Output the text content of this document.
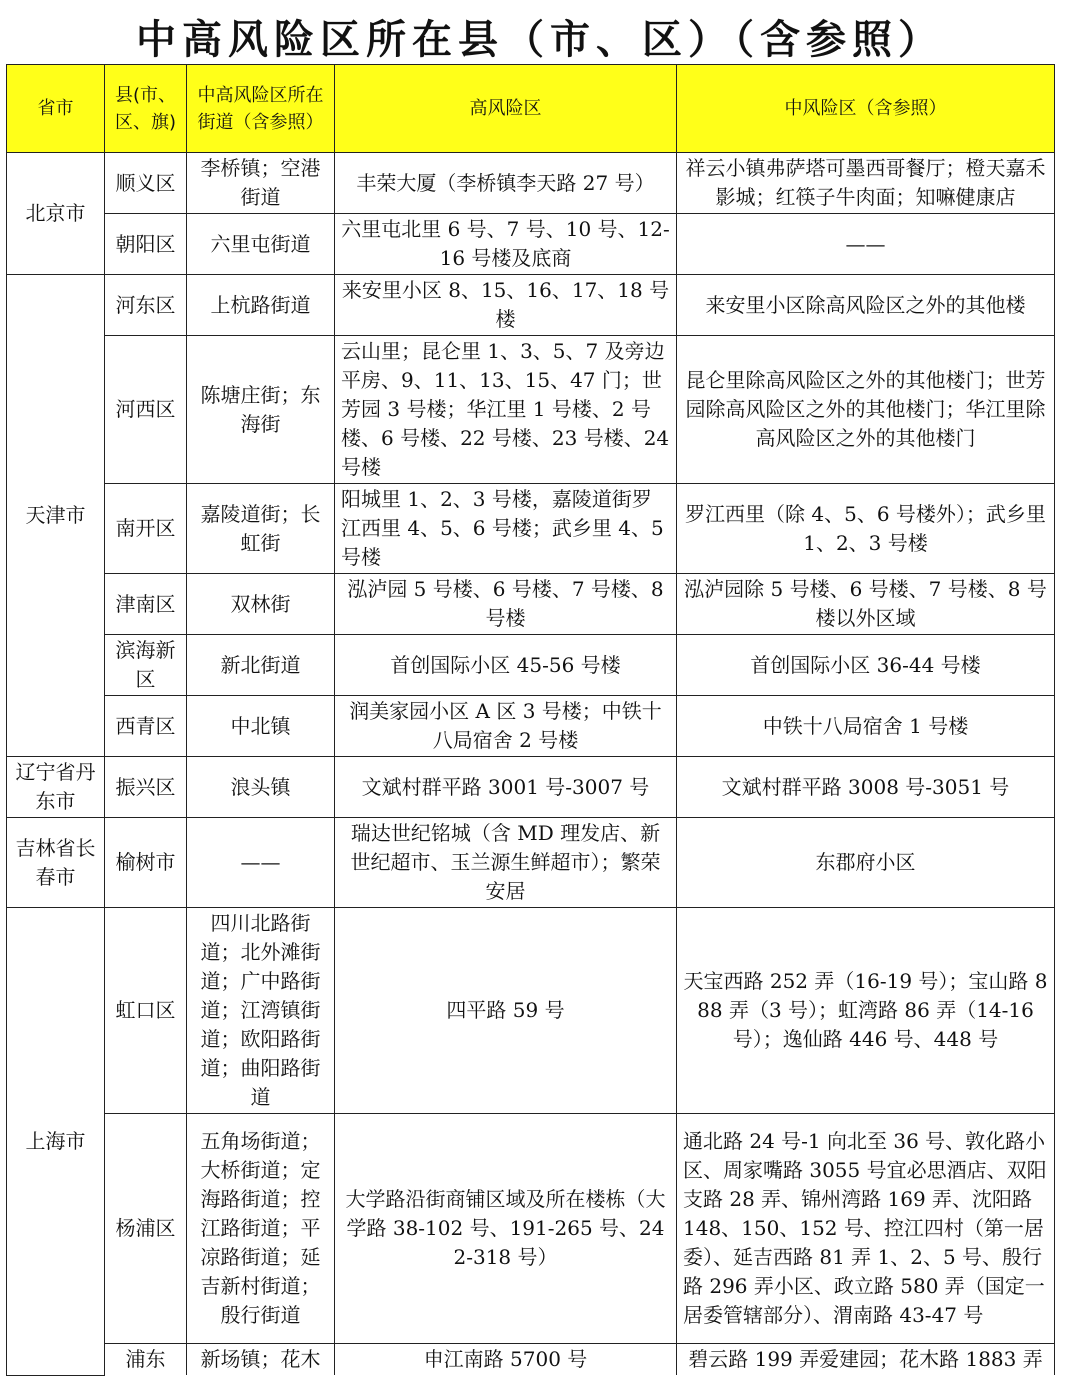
中高风险区所在县（市、区）（含参照）
省市	县(市、区、旗)	中高风险区所在街道（含参照）	高风险区	中风险区（含参照）
北京市	顺义区	李桥镇；空港街道	丰荣大厦（李桥镇李天路 27 号）	祥云小镇弗萨塔可墨西哥餐厅；橙天嘉禾影城；红筷子牛肉面；知嘛健康店
	朝阳区	六里屯街道	六里屯北里 6 号、7 号、10 号、12-16 号楼及底商	——
天津市	河东区	上杭路街道	来安里小区 8、15、16、17、18 号楼	来安里小区除高风险区之外的其他楼
	河西区	陈塘庄街；东海街	云山里；昆仑里 1、3、5、7 及旁边平房、9、11、13、15、47 门；世芳园 3 号楼；华江里 1 号楼、2 号楼、6 号楼、22 号楼、23 号楼、24 号楼	昆仑里除高风险区之外的其他楼门；世芳园除高风险区之外的其他楼门；华江里除高风险区之外的其他楼门
	南开区	嘉陵道街；长虹街	阳城里 1、2、3 号楼，嘉陵道街罗江西里 4、5、6 号楼；武乡里 4、5 号楼	罗江西里（除 4、5、6 号楼外）；武乡里 1、2、3 号楼
	津南区	双林街	泓泸园 5 号楼、6 号楼、7 号楼、8 号楼	泓泸园除 5 号楼、6 号楼、7 号楼、8 号楼以外区域
	滨海新区	新北街道	首创国际小区 45-56 号楼	首创国际小区 36-44 号楼
	西青区	中北镇	润美家园小区 A 区 3 号楼；中铁十八局宿舍 2 号楼	中铁十八局宿舍 1 号楼
辽宁省丹东市	振兴区	浪头镇	文斌村群平路 3001 号-3007 号	文斌村群平路 3008 号-3051 号
吉林省长春市	榆树市	——	瑞达世纪铭城（含 MD 理发店、新世纪超市、玉兰源生鲜超市）；繁荣安居	东郡府小区
上海市	虹口区	四川北路街道；北外滩街道；广中路街道；江湾镇街道；欧阳路街道；曲阳路街道	四平路 59 号	天宝西路 252 弄（16-19 号）；宝山路 888 弄（3 号）；虹湾路 86 弄（14-16 号）；逸仙路 446 号、448 号
	杨浦区	五角场街道；大桥街道；定海路街道；控江路街道；平凉路街道；延吉新村街道；殷行街道	大学路沿街商铺区域及所在楼栋（大学路 38-102 号、191-265 号、242-318 号）	通北路 24 号-1 向北至 36 号、敦化路小区、周家嘴路 3055 号宜必思酒店、双阳支路 28 弄、锦州湾路 169 弄、沈阳路 148、150、152 号、控江四村（第一居委）、延吉西路 81 弄 1、2、5 号、殷行路 296 弄小区、政立路 580 弄（国定一居委管辖部分）、渭南路 43-47 号
	浦东	新场镇；花木	申江南路 5700 号	碧云路 199 弄爱建园；花木路 1883 弄
